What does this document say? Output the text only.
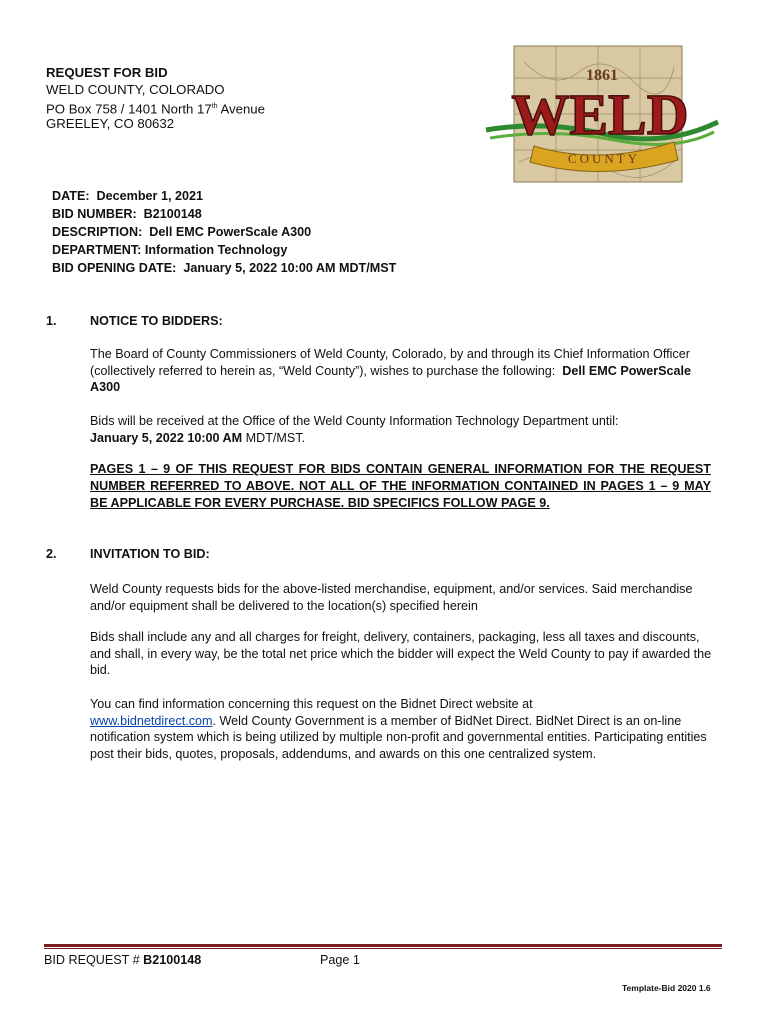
REQUEST FOR BID
WELD COUNTY, COLORADO
PO Box 758 / 1401 North 17th Avenue
GREELEY, CO 80632
1861
WELD
COUNTY
DATE: December 1, 2021
BID NUMBER: B2100148
DESCRIPTION: Dell EMC PowerScale A300
DEPARTMENT: Information Technology
BID OPENING DATE: January 5, 2022 10:00 AM MDT/MST
1.	NOTICE TO BIDDERS:
The Board of County Commissioners of Weld County, Colorado, by and through its Chief Information Officer (collectively referred to herein as, “Weld County”), wishes to purchase the following: Dell EMC PowerScale A300
Bids will be received at the Office of the Weld County Information Technology Department until:
January 5, 2022 10:00 AM MDT/MST.
PAGES 1 – 9 OF THIS REQUEST FOR BIDS CONTAIN GENERAL INFORMATION FOR THE REQUEST NUMBER REFERRED TO ABOVE. NOT ALL OF THE INFORMATION CONTAINED IN PAGES 1 – 9 MAY BE APPLICABLE FOR EVERY PURCHASE. BID SPECIFICS FOLLOW PAGE 9.
2.	INVITATION TO BID:
Weld County requests bids for the above-listed merchandise, equipment, and/or services. Said merchandise and/or equipment shall be delivered to the location(s) specified herein
Bids shall include any and all charges for freight, delivery, containers, packaging, less all taxes and discounts, and shall, in every way, be the total net price which the bidder will expect the Weld County to pay if awarded the bid.
You can find information concerning this request on the Bidnet Direct website at
www.bidnetdirect.com. Weld County Government is a member of BidNet Direct. BidNet Direct is an on-line notification system which is being utilized by multiple non-profit and governmental entities. Participating entities post their bids, quotes, proposals, addendums, and awards on this one centralized system.
BID REQUEST # B2100148	Page 1
Template-Bid 2020 1.6
